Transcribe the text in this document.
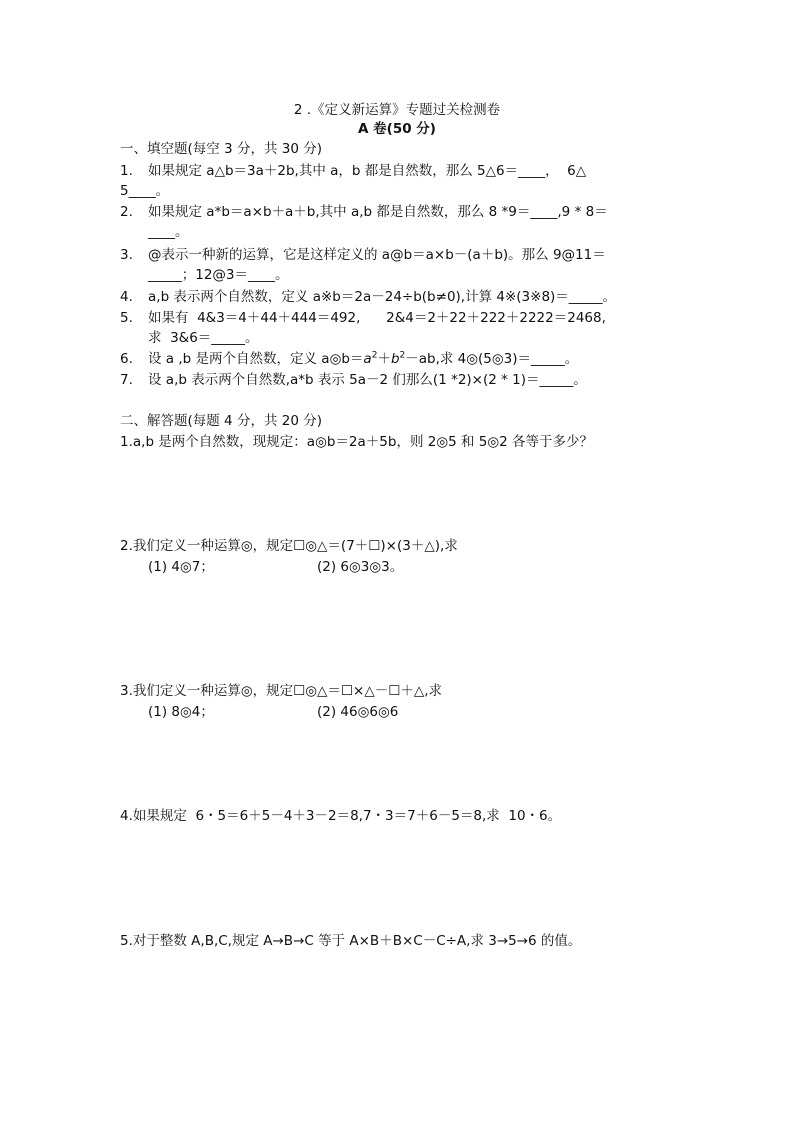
2 .《定义新运算》专题过关检测卷
A 卷(50 分)
一、填空题(每空 3 分，共 30 分)
1. 如果规定 a△b＝3a＋2b,其中 a，b 都是自然数，那么 5△6＝____，  6△
5____。
2. 如果规定 a*b＝a×b＋a＋b,其中 a,b 都是自然数，那么 8 *9＝____,9 * 8＝
____。
3. @表示一种新的运算，它是这样定义的 a@b＝a×b－(a＋b)。那么 9@11＝
_____；12@3＝____。
4. a,b 表示两个自然数，定义 a※b＝2a－24÷b(b≠0),计算 4※(3※8)＝_____。
5. 如果有  4&3＝4＋44＋444＝492,      2&4＝2＋22＋222＋2222＝2468,
求  3&6＝_____。
6. 设 a ,b 是两个自然数，定义 $a◎b=a^2+b^2-ab$,求 4◎(5◎3)＝_____。
7. 设 a,b 表示两个自然数,a*b 表示 5a－2 们那么(1 *2)×(2 * 1)＝_____。
二、解答题(每题 4 分，共 20 分)
1.a,b 是两个自然数，现规定：a◎b＝2a＋5b，则 2◎5 和 5◎2 各等于多少？
2.我们定义一种运算◎，规定☐◎△＝(7＋☐)×(3＋△),求
(1) 4◎7；	(2) 6◎3◎3。
3.我们定义一种运算◎，规定☐◎△＝☐×△－☐＋△,求
(1) 8◎4；	(2) 46◎6◎6
4.如果规定  6・5＝6＋5－4＋3－2＝8,7・3＝7＋6－5＝8,求  10・6。
5.对于整数 A,B,C,规定 A→B→C 等于 A×B＋B×C－C÷A,求 3→5→6 的值。
